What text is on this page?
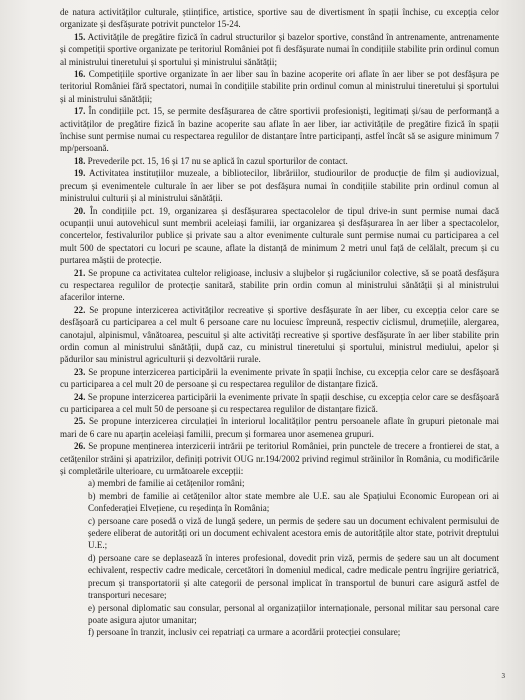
de natura activităților culturale, științifice, artistice, sportive sau de divertisment în spații închise, cu excepția celor organizate și desfășurate potrivit punctelor 15-24.

15. Activitățile de pregătire fizică în cadrul structurilor și bazelor sportive, constând în antrenamente, antrenamente și competiții sportive organizate pe teritoriul României pot fi desfășurate numai în condițiile stabilite prin ordinul comun al ministrului tineretului și sportului și ministrului sănătății;

16. Competițiile sportive organizate în aer liber sau în bazine acoperite ori aflate în aer liber se pot desfășura pe teritoriul României fără spectatori, numai în condițiile stabilite prin ordinul comun al ministrului tineretului și sportului și al ministrului sănătății;

17. În condițiile pct. 15, se permite desfășurarea de către sportivii profesioniști, legitimați și/sau de performanță a activităților de pregătire fizică în bazine acoperite sau aflate în aer liber, iar activitățile de pregătire fizică în spații închise sunt permise numai cu respectarea regulilor de distanțare între participanți, astfel încât să se asigure minimum 7 mp/persoană.

18. Prevederile pct. 15, 16 și 17 nu se aplică în cazul sporturilor de contact.

19. Activitatea instituțiilor muzeale, a bibliotecilor, librăriilor, studiourilor de producție de film și audiovizual, precum și evenimentele culturale în aer liber se pot desfășura numai în condițiile stabilite prin ordinul comun al ministrului culturii și al ministrului sănătății.

20. În condițiile pct. 19, organizarea și desfășurarea spectacolelor de tipul drive-in sunt permise numai dacă ocupanții unui autovehicul sunt membrii aceleiași familii, iar organizarea și desfășurarea în aer liber a spectacolelor, concertelor, festivalurilor publice și private sau a altor evenimente culturale sunt permise numai cu participarea a cel mult 500 de spectatori cu locuri pe scaune, aflate la distanță de minimum 2 metri unul față de celălalt, precum și cu purtarea măștii de protecție.

21. Se propune ca activitatea cultelor religioase, inclusiv a slujbelor și rugăciunilor colective, să se poată desfășura cu respectarea regulilor de protecție sanitară, stabilite prin ordin comun al ministrului sănătății și al ministrului afacerilor interne.

22. Se propune interzicerea activităților recreative și sportive desfășurate în aer liber, cu excepția celor care se desfășoară cu participarea a cel mult 6 persoane care nu locuiesc împreună, respectiv ciclismul, drumețiile, alergarea, canotajul, alpinismul, vânătoarea, pescuitul și alte activități recreative și sportive desfășurate în aer liber stabilite prin ordin comun al ministrului sănătății, după caz, cu ministrul tineretului și sportului, ministrul mediului, apelor și pădurilor sau ministrul agriculturii și dezvoltării rurale.

23. Se propune interzicerea participării la evenimente private în spații închise, cu excepția celor care se desfășoară cu participarea a cel mult 20 de persoane și cu respectarea regulilor de distanțare fizică.

24. Se propune interzicerea participării la evenimente private în spații deschise, cu excepția celor care se desfășoară cu participarea a cel mult 50 de persoane și cu respectarea regulilor de distanțare fizică.

25. Se propune interzicerea circulației în interiorul localităților pentru persoanele aflate în grupuri pietonale mai mari de 6 care nu aparțin aceleiași familii, precum și formarea unor asemenea grupuri.

26. Se propune menținerea interzicerii intrării pe teritoriul României, prin punctele de trecere a frontierei de stat, a cetățenilor străini și apatrizilor, definiți potrivit OUG nr.194/2002 privind regimul străinilor în România, cu modificările și completările ulterioare, cu următoarele excepții:

a) membri de familie ai cetățenilor români;

b) membri de familie ai cetățenilor altor state membre ale U.E. sau ale Spațiului Economic European ori ai Confederației Elvețiene, cu reședința în România;

c) persoane care posedă o viză de lungă ședere, un permis de ședere sau un document echivalent permisului de ședere eliberat de autorități ori un document echivalent acestora emis de autoritățile altor state, potrivit dreptului U.E.;

d) persoane care se deplasează în interes profesional, dovedit prin viză, permis de ședere sau un alt document echivalent, respectiv cadre medicale, cercetători în domeniul medical, cadre medicale pentru îngrijire geriatrică, precum și transportatorii și alte categorii de personal implicat în transportul de bunuri care asigură astfel de transporturi necesare;

e) personal diplomatic sau consular, personal al organizațiilor internaționale, personal militar sau personal care poate asigura ajutor umanitar;

f) persoane în tranzit, inclusiv cei repatriați ca urmare a acordării protecției consulare;

3
